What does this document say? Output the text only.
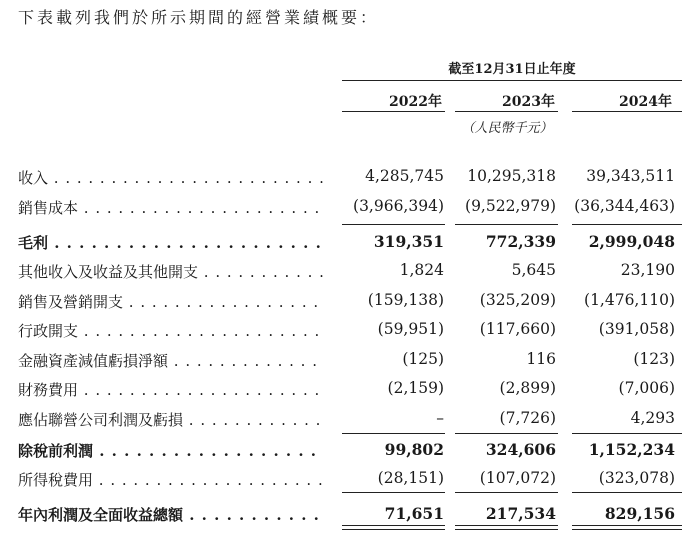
下表載列我們於所示期間的經營業績概要：
截至12月31日止年度
2022年	2023年	2024年
（人民幣千元）
收入 . . .	4,285,745	10,295,318	39,343,511
銷售成本 . . .	(3,966,394)	(9,522,979)	(36,344,463)
毛利 . . .	319,351	772,339	2,999,048
其他收入及收益及其他開支 . . .	1,824	5,645	23,190
銷售及營銷開支 . . .	(159,138)	(325,209)	(1,476,110)
行政開支 . . .	(59,951)	(117,660)	(391,058)
金融資產減值虧損淨額 . . .	(125)	116	(123)
財務費用 . . .	(2,159)	(2,899)	(7,006)
應佔聯營公司利潤及虧損 . . .	–	(7,726)	4,293
除稅前利潤 . . .	99,802	324,606	1,152,234
所得稅費用 . . .	(28,151)	(107,072)	(323,078)
年內利潤及全面收益總額 . . .	71,651	217,534	829,156
